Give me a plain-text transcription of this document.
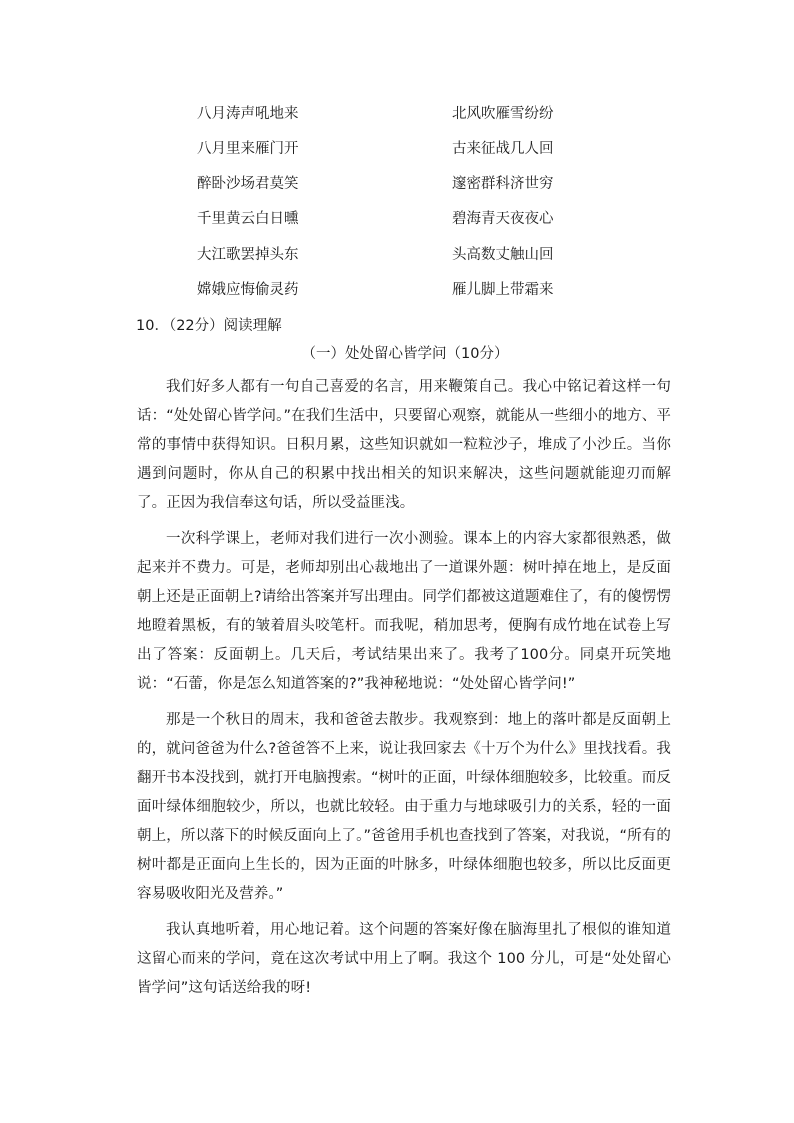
八月涛声吼地来	北风吹雁雪纷纷
八月里来雁门开	古来征战几人回
醉卧沙场君莫笑	邃密群科济世穷
千里黄云白日曛	碧海青天夜夜心
大江歌罢掉头东	头高数丈触山回
嫦娥应悔偷灵药	雁儿脚上带霜来
10．（22分）阅读理解
（一）处处留心皆学问（10分）

我们好多人都有一句自己喜爱的名言，用来鞭策自己。我心中铭记着这样一句话：“处处留心皆学问。”在我们生活中，只要留心观察，就能从一些细小的地方、平常的事情中获得知识。日积月累，这些知识就如一粒粒沙子，堆成了小沙丘。当你遇到问题时，你从自己的积累中找出相关的知识来解决，这些问题就能迎刃而解了。正因为我信奉这句话，所以受益匪浅。

一次科学课上，老师对我们进行一次小测验。课本上的内容大家都很熟悉，做起来并不费力。可是，老师却别出心裁地出了一道课外题：树叶掉在地上，是反面朝上还是正面朝上?请给出答案并写出理由。同学们都被这道题难住了，有的傻愣愣地瞪着黑板，有的皱着眉头咬笔杆。而我呢，稍加思考，便胸有成竹地在试卷上写出了答案：反面朝上。几天后，考试结果出来了。我考了100分。同桌开玩笑地说：“石蕾，你是怎么知道答案的?”我神秘地说：“处处留心皆学问!”

那是一个秋日的周末，我和爸爸去散步。我观察到：地上的落叶都是反面朝上的，就问爸爸为什么?爸爸答不上来，说让我回家去《十万个为什么》里找找看。我翻开书本没找到，就打开电脑搜索。“树叶的正面，叶绿体细胞较多，比较重。而反面叶绿体细胞较少，所以，也就比较轻。由于重力与地球吸引力的关系，轻的一面朝上，所以落下的时候反面向上了。”爸爸用手机也查找到了答案，对我说，“所有的树叶都是正面向上生长的，因为正面的叶脉多，叶绿体细胞也较多，所以比反面更容易吸收阳光及营养。”

我认真地听着，用心地记着。这个问题的答案好像在脑海里扎了根似的谁知道这留心而来的学问，竟在这次考试中用上了啊。我这个 100 分儿，可是“处处留心皆学问”这句话送给我的呀!
